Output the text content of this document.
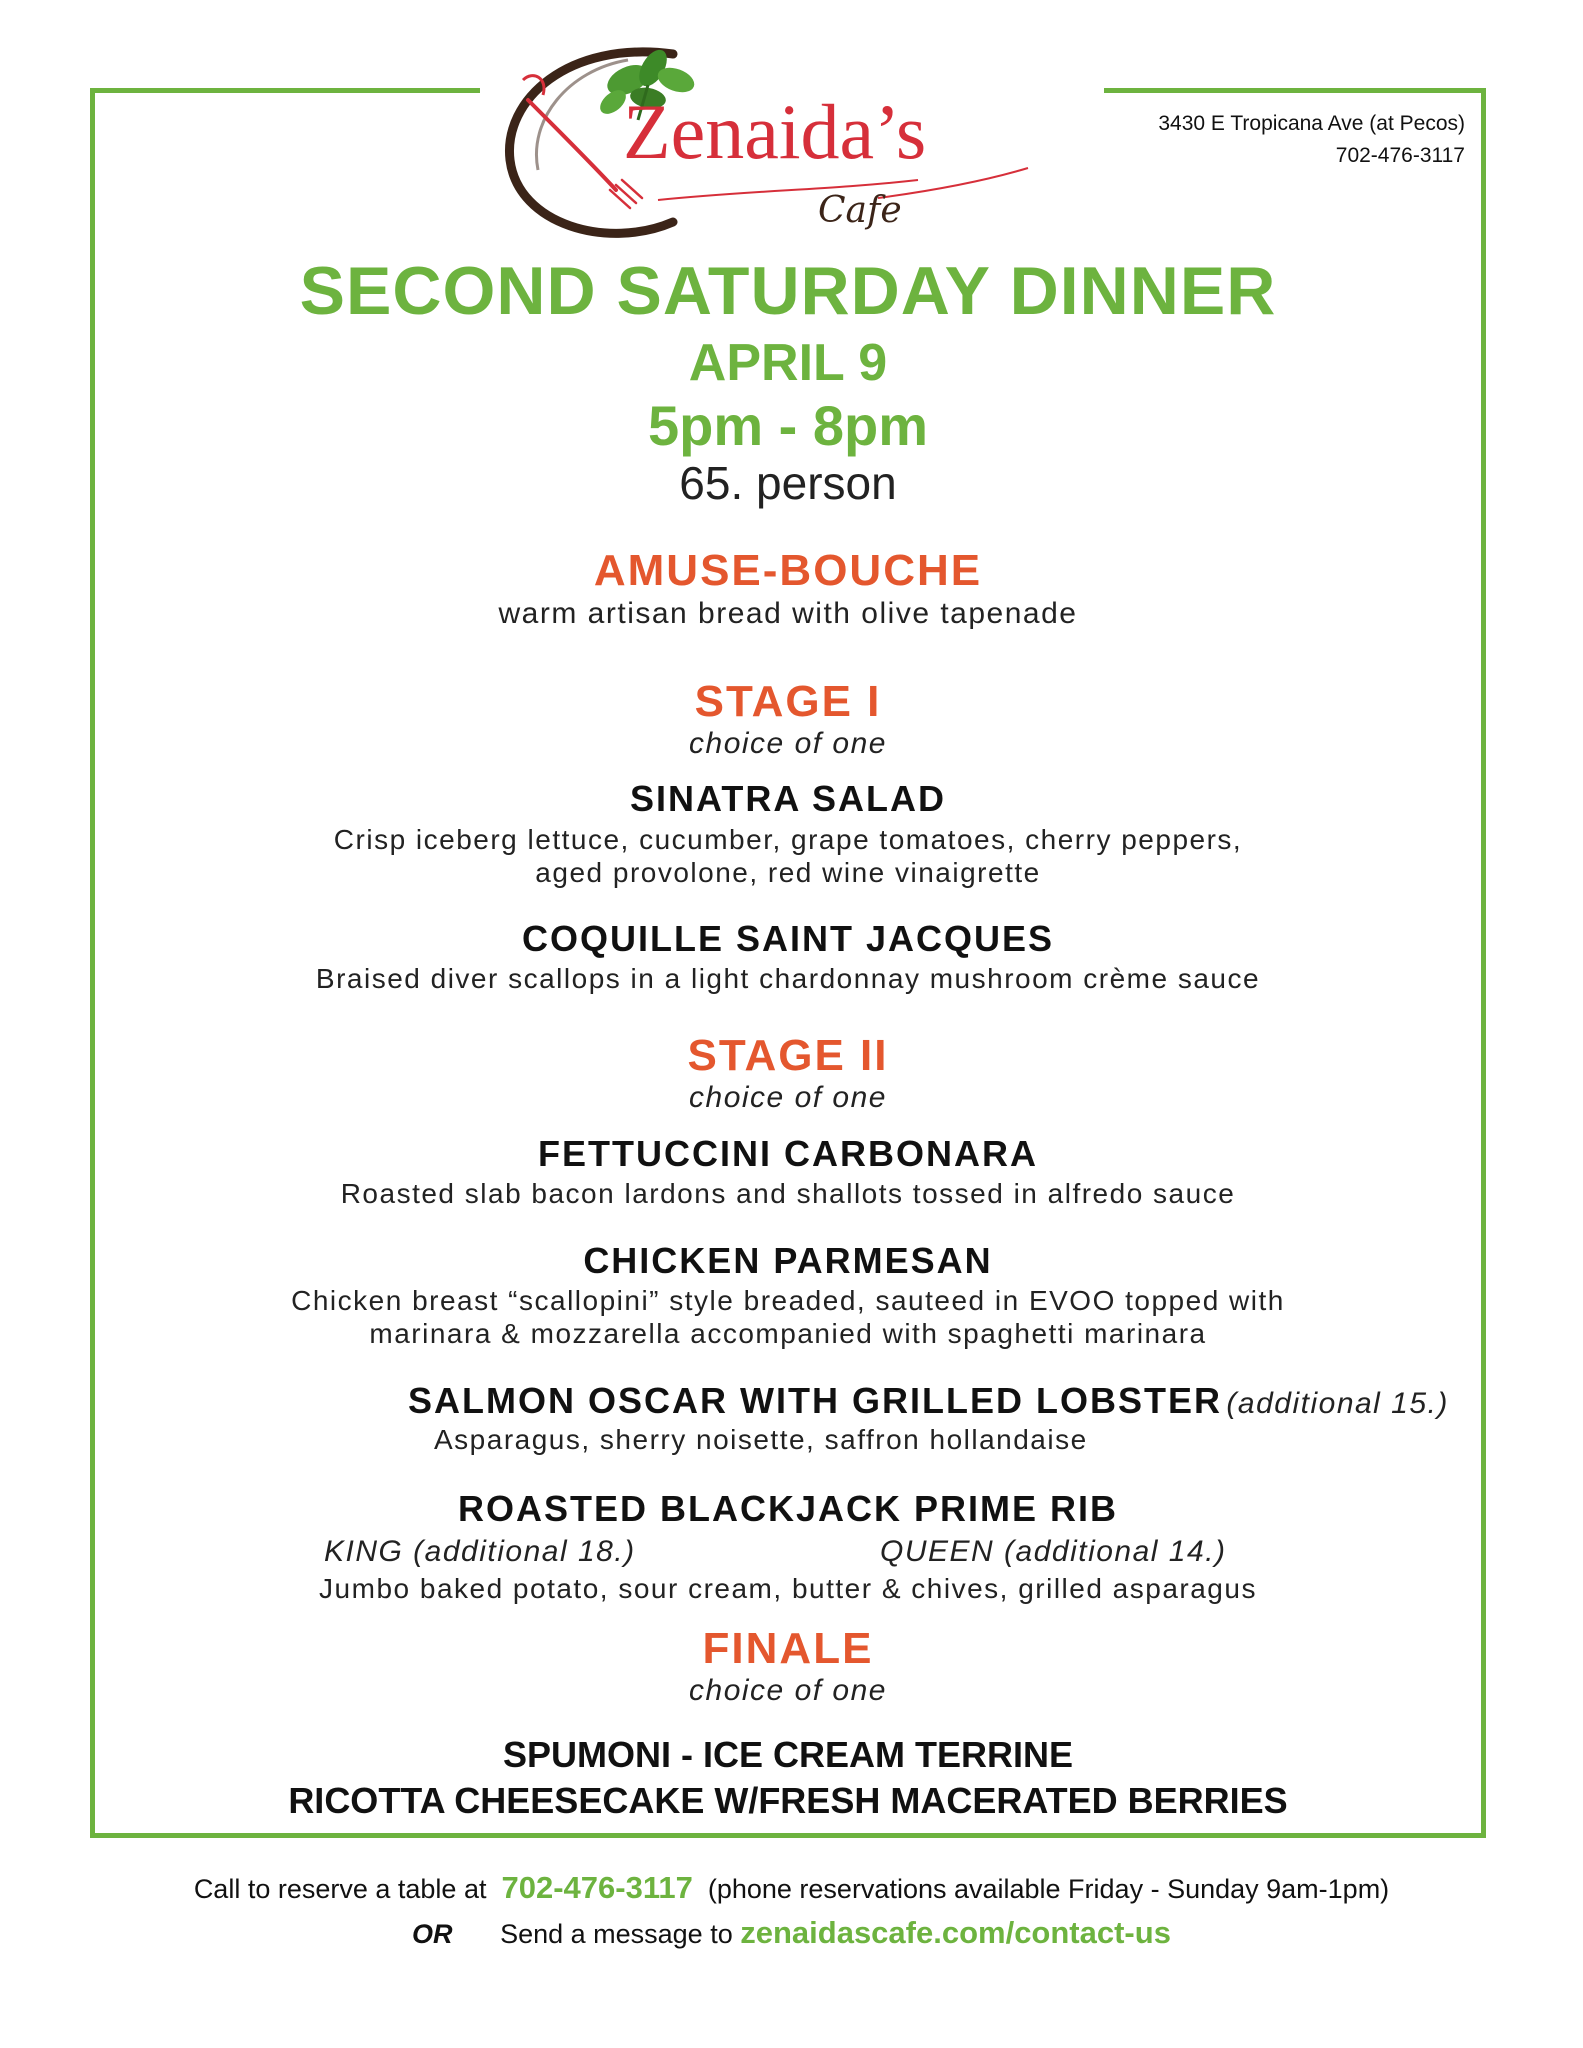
Zenaida’s
Cafe
3430 E Tropicana Ave (at Pecos)
702-476-3117
SECOND SATURDAY DINNER
APRIL 9
5pm - 8pm
65. person
AMUSE-BOUCHE
warm artisan bread with olive tapenade
STAGE I
choice of one
SINATRA SALAD
Crisp iceberg lettuce, cucumber, grape tomatoes, cherry peppers,
aged provolone, red wine vinaigrette
COQUILLE SAINT JACQUES
Braised diver scallops in a light chardonnay mushroom crème sauce
STAGE II
choice of one
FETTUCCINI CARBONARA
Roasted slab bacon lardons and shallots tossed in alfredo sauce
CHICKEN PARMESAN
Chicken breast “scallopini” style breaded, sauteed in EVOO topped with
marinara & mozzarella accompanied with spaghetti marinara
SALMON OSCAR WITH GRILLED LOBSTER (additional 15.)
Asparagus, sherry noisette, saffron hollandaise
ROASTED BLACKJACK PRIME RIB
KING (additional 18.)	QUEEN (additional 14.)
Jumbo baked potato, sour cream, butter & chives, grilled asparagus
FINALE
choice of one
SPUMONI - ICE CREAM TERRINE
RICOTTA CHEESECAKE W/FRESH MACERATED BERRIES
Call to reserve a table at 702-476-3117 (phone reservations available Friday - Sunday 9am-1pm)
OR Send a message to zenaidascafe.com/contact-us
